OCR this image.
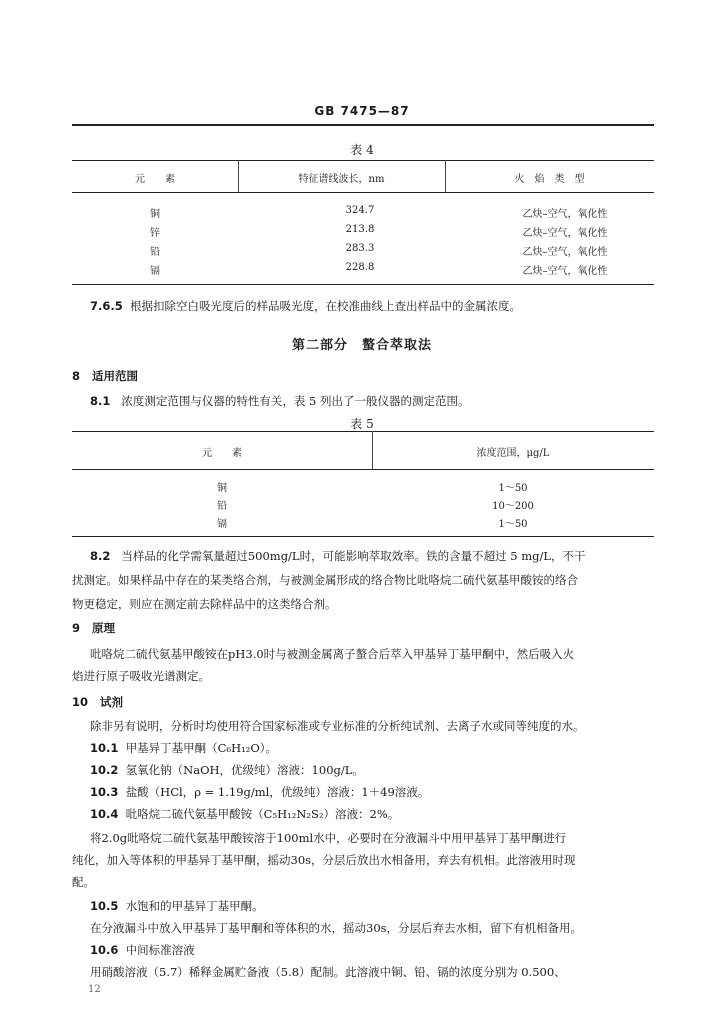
GB 7475—87
表 4
元　　素	特征谱线波长，nm	火　焰　类　型
铜	324.7	乙炔–空气，氧化性
锌	213.8	乙炔–空气，氧化性
铅	283.3	乙炔–空气，氧化性
镉	228.8	乙炔–空气，氧化性
7.6.5 根据扣除空白吸光度后的样品吸光度，在校准曲线上查出样品中的金属浓度。
第二部分　螯合萃取法
8 适用范围
8.1 浓度测定范围与仪器的特性有关，表 5 列出了一般仪器的测定范围。
表 5
元　　素	浓度范围，μg/L
铜	1～50
铅	10～200
镉	1～50
8.2 当样品的化学需氧量超过500mg/L时，可能影响萃取效率。铁的含量不超过 5 mg/L，不干
扰测定。如果样品中存在的某类络合剂，与被测金属形成的络合物比吡咯烷二硫代氨基甲酸铵的络合
物更稳定，则应在测定前去除样品中的这类络合剂。
9 原理
吡咯烷二硫代氨基甲酸铵在pH3.0时与被测金属离子螯合后萃入甲基异丁基甲酮中，然后吸入火
焰进行原子吸收光谱测定。
10 试剂
除非另有说明，分析时均使用符合国家标准或专业标准的分析纯试剂、去离子水或同等纯度的水。
10.1 甲基异丁基甲酮（C₆H₁₂O）。
10.2 氢氧化钠（NaOH，优级纯）溶液：100g/L。
10.3 盐酸（HCl，ρ = 1.19g/ml，优级纯）溶液：1＋49溶液。
10.4 吡咯烷二硫代氨基甲酸铵（C₅H₁₂N₂S₂）溶液：2%。
将2.0g吡咯烷二硫代氨基甲酸铵溶于100ml水中，必要时在分液漏斗中用甲基异丁基甲酮进行
纯化，加入等体积的甲基异丁基甲酮，摇动30s，分层后放出水相备用，弃去有机相。此溶液用时现
配。
10.5 水饱和的甲基异丁基甲酮。
在分液漏斗中放入甲基异丁基甲酮和等体积的水，摇动30s，分层后弃去水相，留下有机相备用。
10.6 中间标准溶液
用硝酸溶液（5.7）稀释金属贮备液（5.8）配制。此溶液中铜、铅、镉的浓度分别为 0.500、
12
